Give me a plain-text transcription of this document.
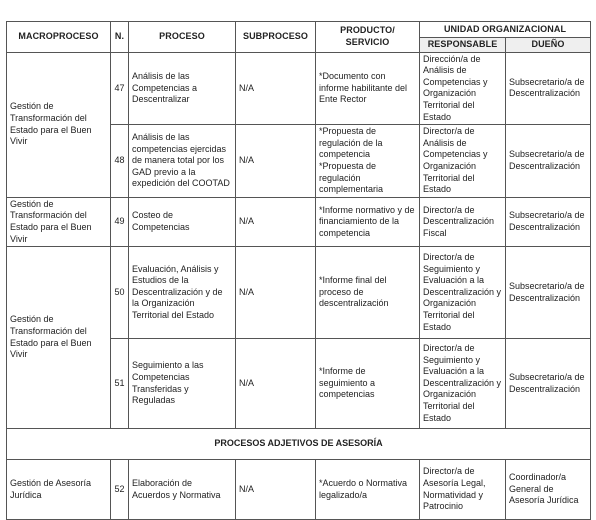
MACROPROCESO	N.	PROCESO	SUBPROCESO	PRODUCTO/ SERVICIO	UNIDAD ORGANIZACIONAL	
					RESPONSABLE	DUEÑO
Gestión de Transformación del Estado para el Buen Vivir	47	Análisis de las Competencias a Descentralizar	N/A	*Documento con informe habilitante del Ente Rector	Dirección/a de Análisis de Competencias y Organización Territorial del Estado	Subsecretario/a de Descentralización
	48	Análisis de las competencias ejercidas de manera total por los GAD previo a la expedición del COOTAD	N/A	*Propuesta de regulación de la competencia *Propuesta de regulación complementaria	Director/a de Análisis de Competencias y Organización Territorial del Estado	Subsecretario/a de Descentralización
Gestión de Transformación del Estado para el Buen Vivir	49	Costeo de Competencias	N/A	*Informe normativo y de financiamiento de la competencia	Director/a de Descentralización Fiscal	Subsecretario/a de Descentralización
Gestión de Transformación del Estado para el Buen Vivir	50	Evaluación, Análisis y Estudios de la Descentralización y de la Organización Territorial del Estado	N/A	*Informe final del proceso de descentralización	Director/a de Seguimiento y Evaluación a la Descentralización y Organización Territorial del Estado	Subsecretario/a de Descentralización
	51	Seguimiento a las Competencias Transferidas y Reguladas	N/A	*Informe de seguimiento a competencias	Director/a de Seguimiento y Evaluación a la Descentralización y Organización Territorial del Estado	Subsecretario/a de Descentralización
PROCESOS ADJETIVOS DE ASESORÍA						
Gestión de Asesoría Jurídica	52	Elaboración de Acuerdos y Normativa	N/A	*Acuerdo o Normativa legalizado/a	Director/a de Asesoría Legal, Normatividad y Patrocinio	Coordinador/a General de Asesoría Jurídica
